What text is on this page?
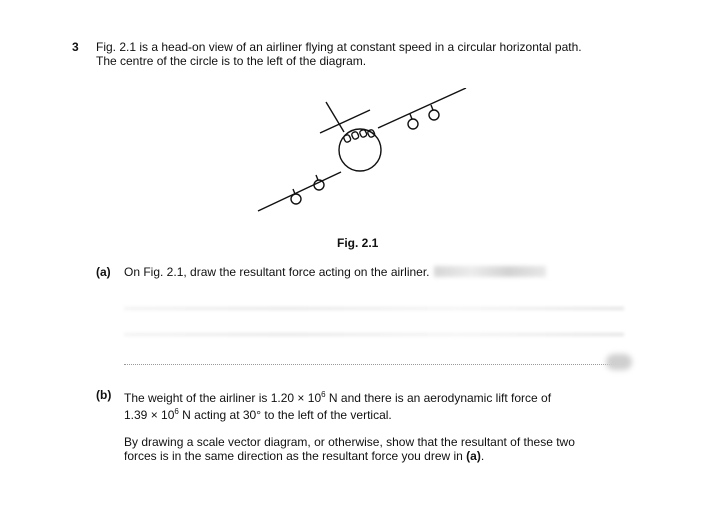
3 Fig. 2.1 is a head-on view of an airliner flying at constant speed in a circular horizontal path.
The centre of the circle is to the left of the diagram.
Fig. 2.1
(a) On Fig. 2.1, draw the resultant force acting on the airliner.
(b) The weight of the airliner is $1.20 \times 10^6$ N and there is an aerodynamic lift force of
$1.39 \times 10^6$ N acting at 30° to the left of the vertical.
By drawing a scale vector diagram, or otherwise, show that the resultant of these two
forces is in the same direction as the resultant force you drew in (a).
